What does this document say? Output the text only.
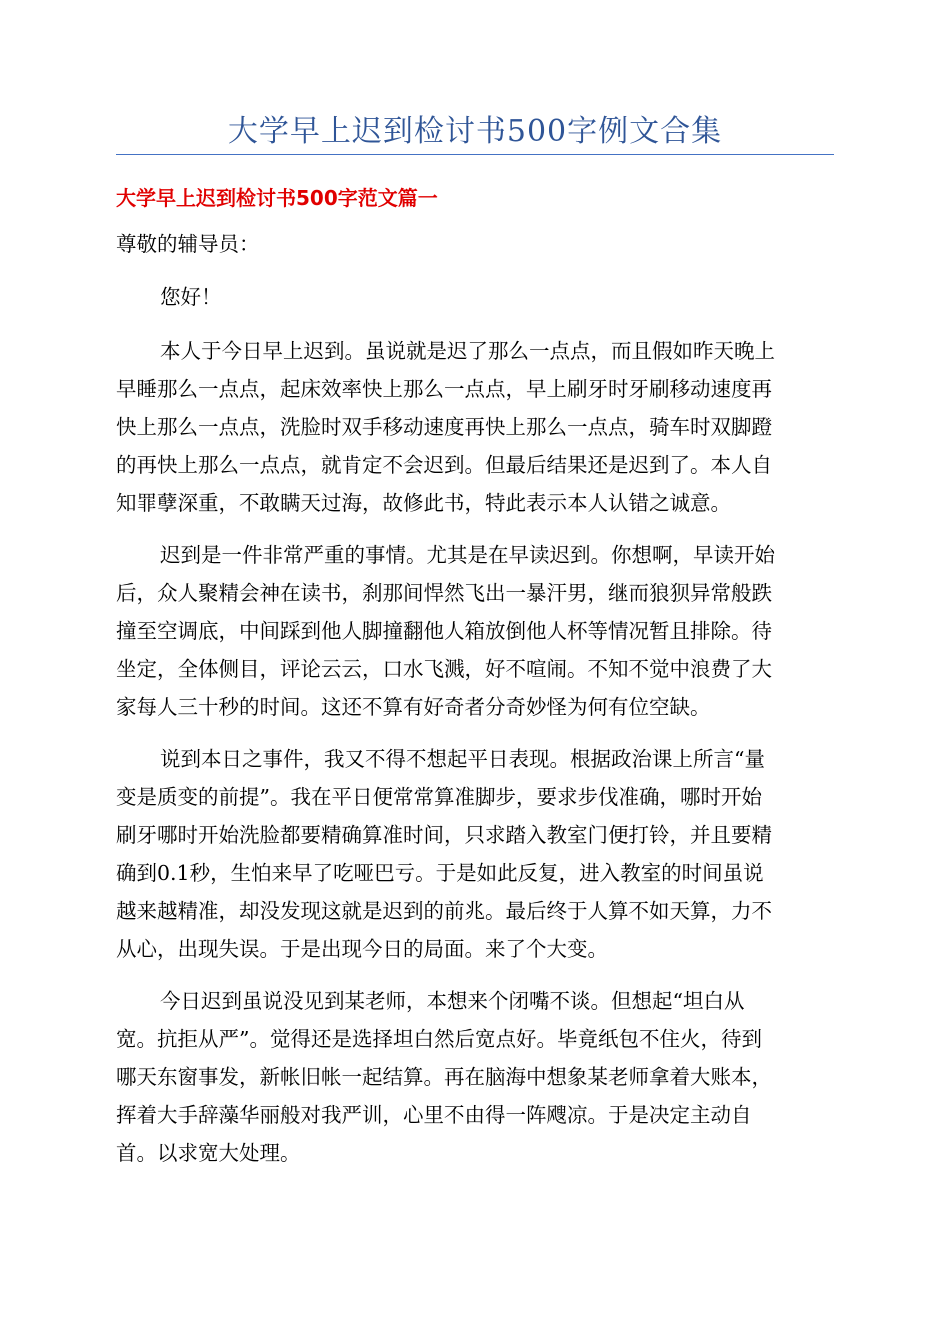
大学早上迟到检讨书500字例文合集
大学早上迟到检讨书500字范文篇一
尊敬的辅导员：
您好！
本人于今日早上迟到。虽说就是迟了那么一点点，而且假如昨天晚上
早睡那么一点点，起床效率快上那么一点点，早上刷牙时牙刷移动速度再
快上那么一点点，洗脸时双手移动速度再快上那么一点点，骑车时双脚蹬
的再快上那么一点点，就肯定不会迟到。但最后结果还是迟到了。本人自
知罪孽深重，不敢瞒天过海，故修此书，特此表示本人认错之诚意。
迟到是一件非常严重的事情。尤其是在早读迟到。你想啊，早读开始
后，众人聚精会神在读书，刹那间悍然飞出一暴汗男，继而狼狈异常般跌
撞至空调底，中间踩到他人脚撞翻他人箱放倒他人杯等情况暂且排除。待
坐定，全体侧目，评论云云，口水飞溅，好不喧闹。不知不觉中浪费了大
家每人三十秒的时间。这还不算有好奇者分奇妙怪为何有位空缺。
说到本日之事件，我又不得不想起平日表现。根据政治课上所言“量
变是质变的前提”。我在平日便常常算准脚步，要求步伐准确，哪时开始
刷牙哪时开始洗脸都要精确算准时间，只求踏入教室门便打铃，并且要精
确到0.1秒，生怕来早了吃哑巴亏。于是如此反复，进入教室的时间虽说
越来越精准，却没发现这就是迟到的前兆。最后终于人算不如天算，力不
从心，出现失误。于是出现今日的局面。来了个大变。
今日迟到虽说没见到某老师，本想来个闭嘴不谈。但想起“坦白从
宽。抗拒从严”。觉得还是选择坦白然后宽点好。毕竟纸包不住火，待到
哪天东窗事发，新帐旧帐一起结算。再在脑海中想象某老师拿着大账本，
挥着大手辞藻华丽般对我严训，心里不由得一阵飕凉。于是决定主动自
首。以求宽大处理。
